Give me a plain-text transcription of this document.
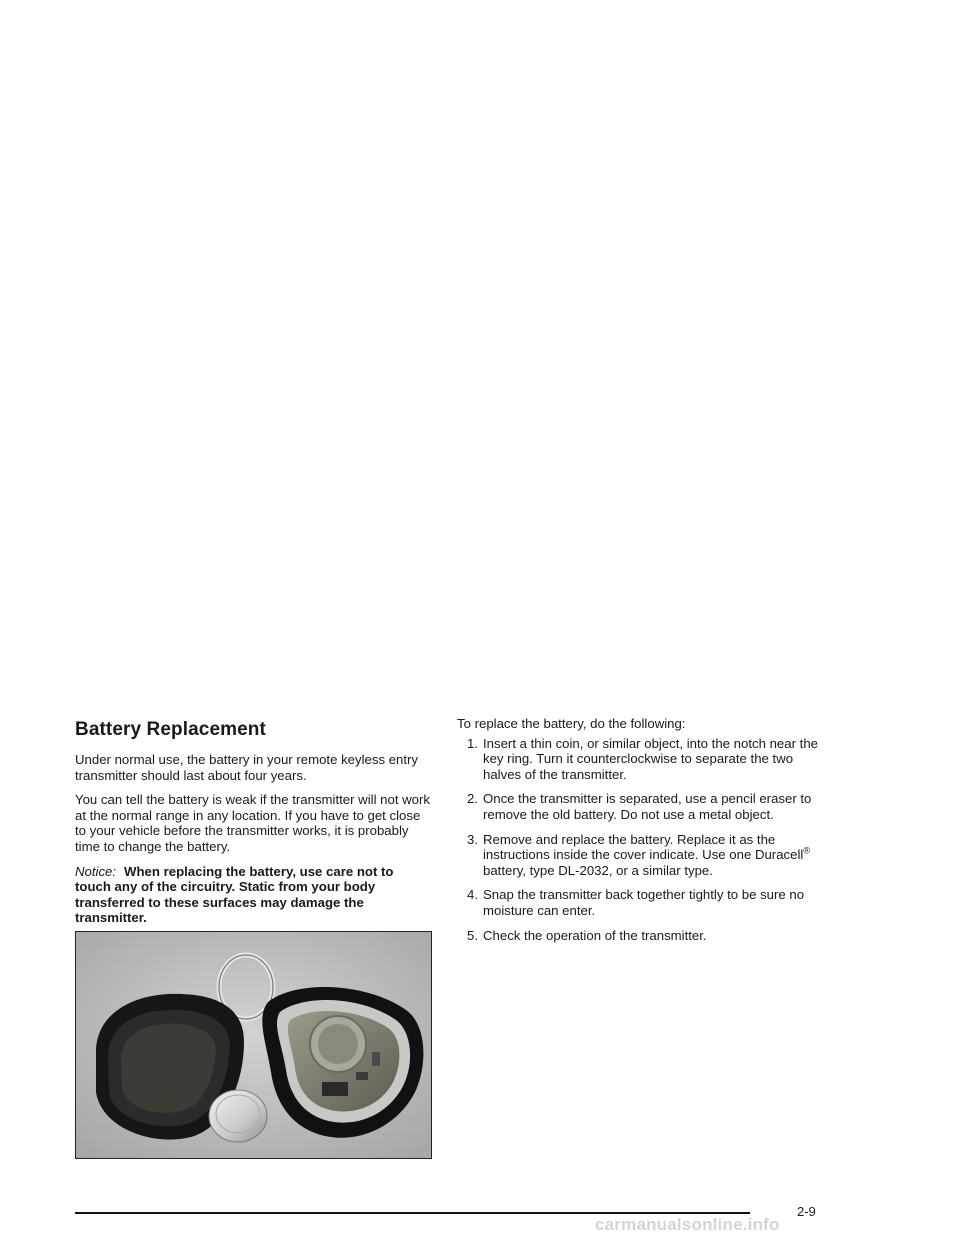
Battery Replacement

Under normal use, the battery in your remote keyless entry transmitter should last about four years.

You can tell the battery is weak if the transmitter will not work at the normal range in any location. If you have to get close to your vehicle before the transmitter works, it is probably time to change the battery.

Notice: When replacing the battery, use care not to touch any of the circuitry. Static from your body transferred to these surfaces may damage the transmitter.

To replace the battery, do the following:

1. Insert a thin coin, or similar object, into the notch near the key ring. Turn it counterclockwise to separate the two halves of the transmitter.
2. Once the transmitter is separated, use a pencil eraser to remove the old battery. Do not use a metal object.
3. Remove and replace the battery. Replace it as the instructions inside the cover indicate. Use one Duracell® battery, type DL-2032, or a similar type.
4. Snap the transmitter back together tightly to be sure no moisture can enter.
5. Check the operation of the transmitter.
2-9
carmanualsonline.info
